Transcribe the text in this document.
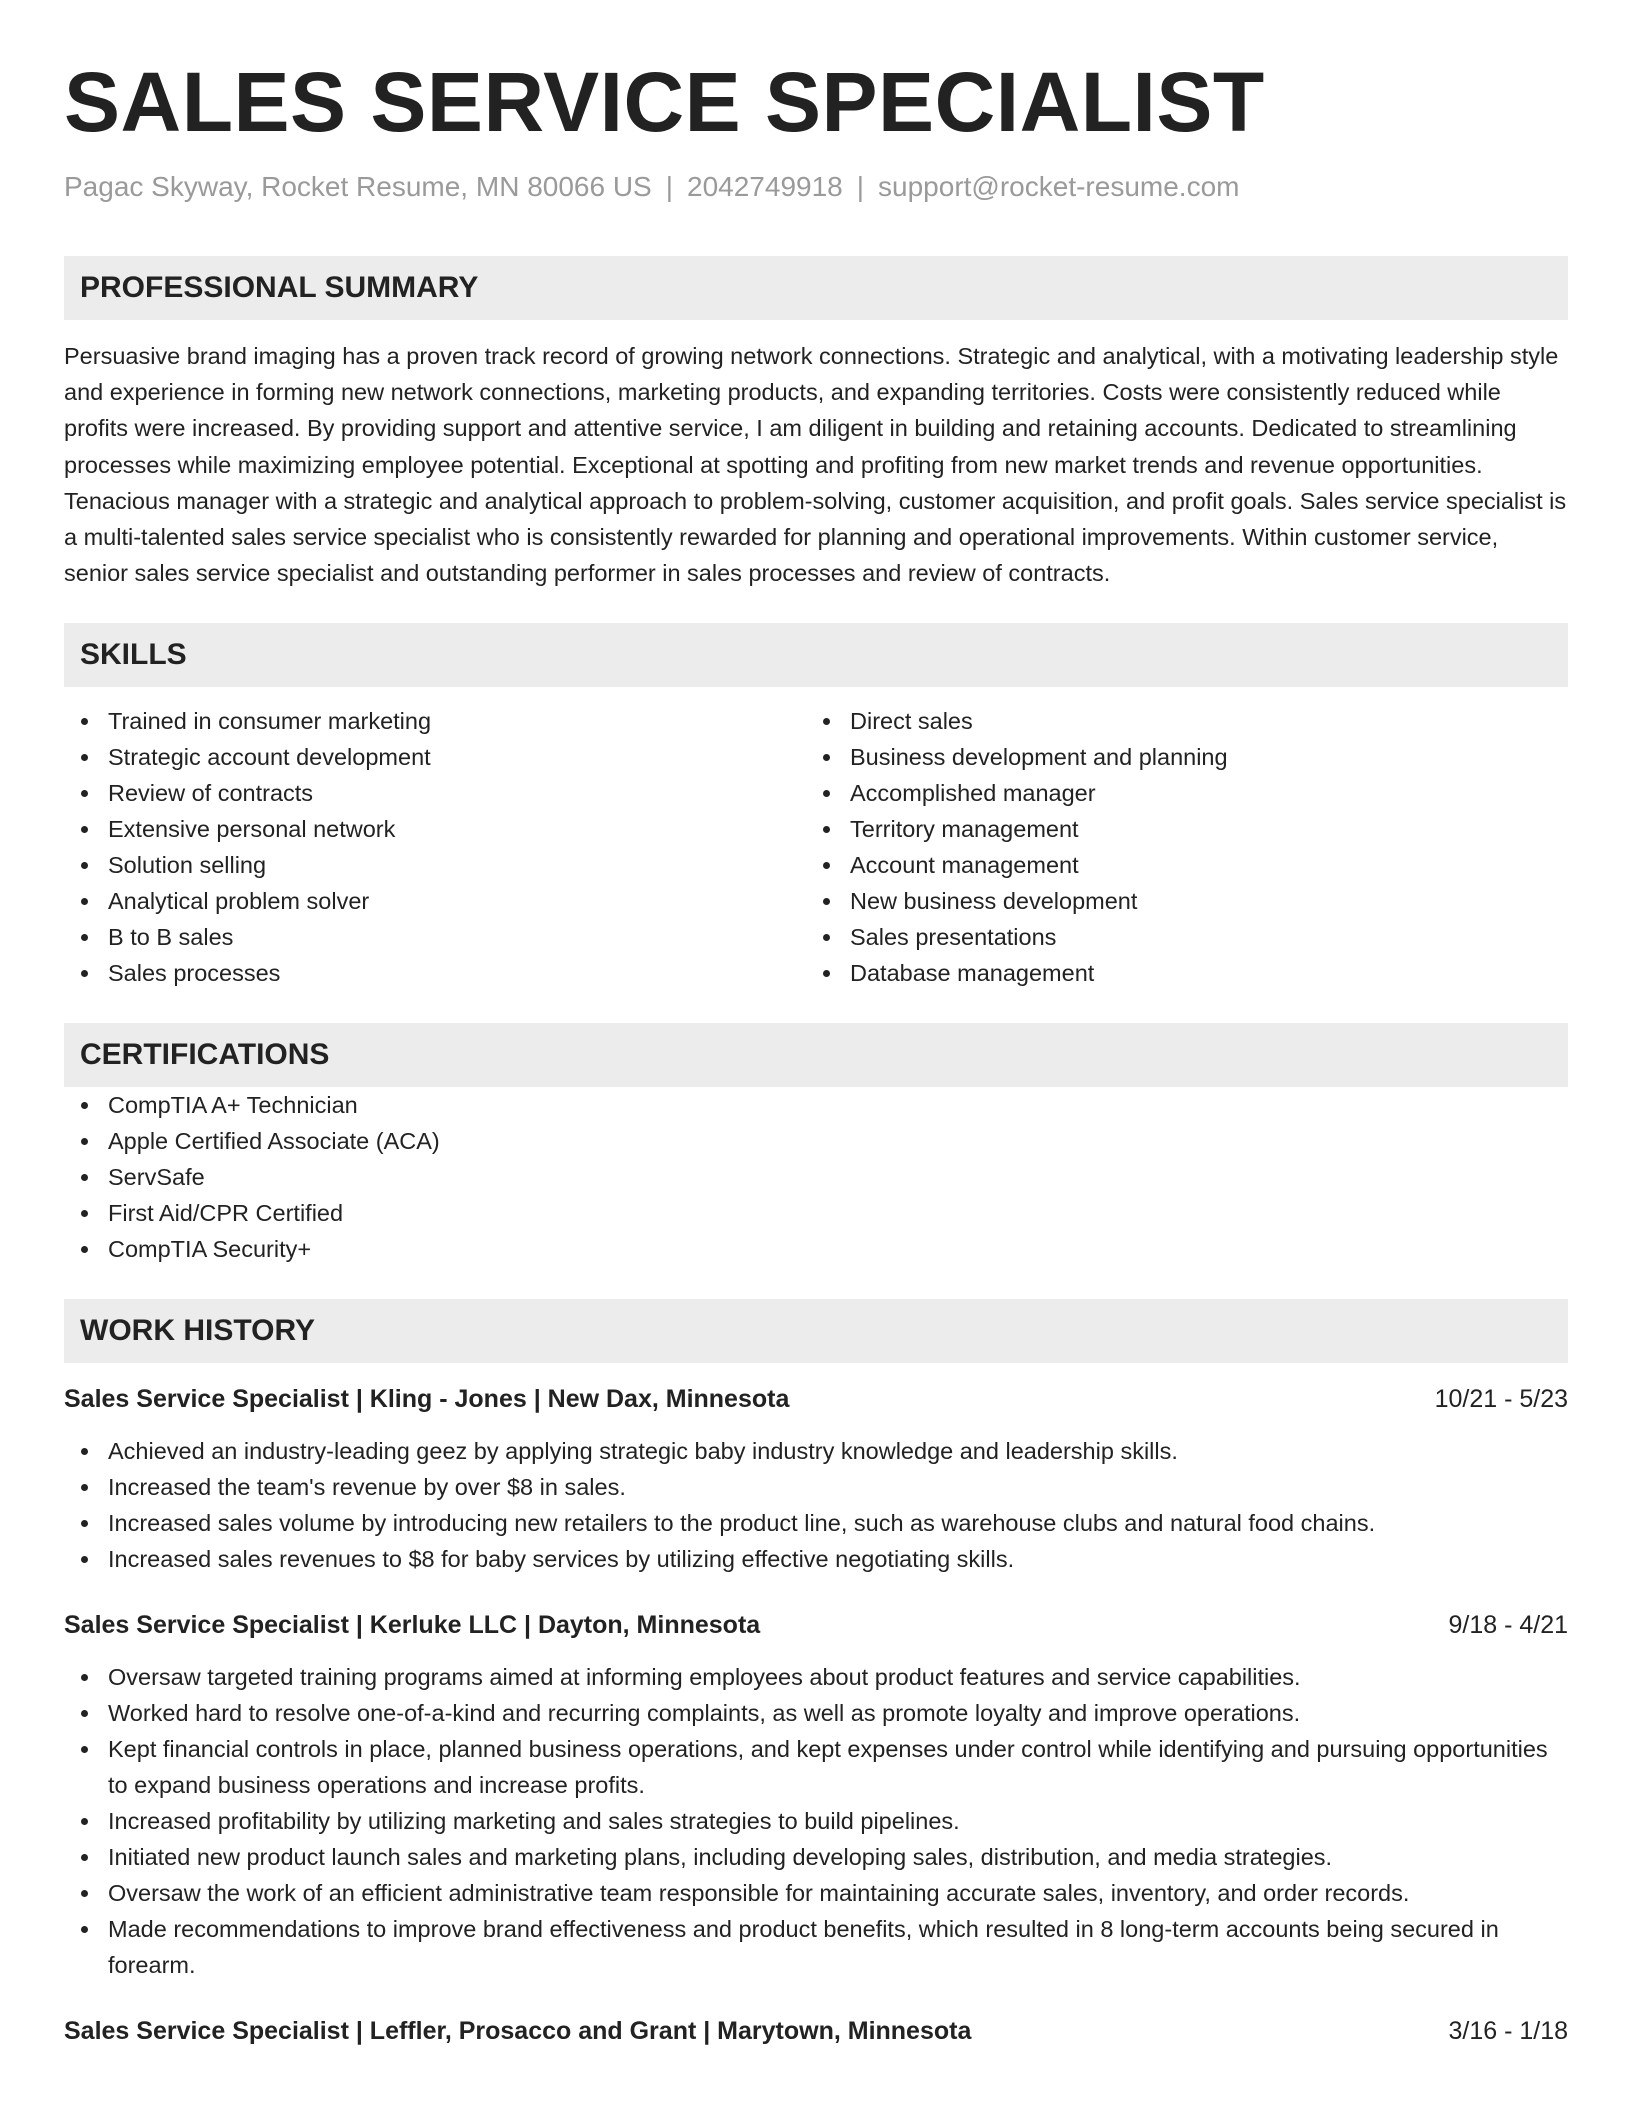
SALES SERVICE SPECIALIST
Pagac Skyway, Rocket Resume, MN 80066 US | 2042749918 | support@rocket-resume.com
PROFESSIONAL SUMMARY

Persuasive brand imaging has a proven track record of growing network connections. Strategic and analytical, with a motivating leadership style and experience in forming new network connections, marketing products, and expanding territories. Costs were consistently reduced while profits were increased. By providing support and attentive service, I am diligent in building and retaining accounts. Dedicated to streamlining processes while maximizing employee potential. Exceptional at spotting and profiting from new market trends and revenue opportunities. Tenacious manager with a strategic and analytical approach to problem-solving, customer acquisition, and profit goals. Sales service specialist is a multi-talented sales service specialist who is consistently rewarded for planning and operational improvements. Within customer service, senior sales service specialist and outstanding performer in sales processes and review of contracts.

SKILLS
Trained in consumer marketing
Strategic account development
Review of contracts
Extensive personal network
Solution selling
Analytical problem solver
B to B sales
Sales processes
Direct sales
Business development and planning
Accomplished manager
Territory management
Account management
New business development
Sales presentations
Database management
CERTIFICATIONS
CompTIA A+ Technician
Apple Certified Associate (ACA)
ServSafe
First Aid/CPR Certified
CompTIA Security+
WORK HISTORY
Sales Service Specialist | Kling - Jones | New Dax, Minnesota	10/21 - 5/23
Achieved an industry-leading geez by applying strategic baby industry knowledge and leadership skills.
Increased the team's revenue by over $8 in sales.
Increased sales volume by introducing new retailers to the product line, such as warehouse clubs and natural food chains.
Increased sales revenues to $8 for baby services by utilizing effective negotiating skills.
Sales Service Specialist | Kerluke LLC | Dayton, Minnesota	9/18 - 4/21
Oversaw targeted training programs aimed at informing employees about product features and service capabilities.
Worked hard to resolve one-of-a-kind and recurring complaints, as well as promote loyalty and improve operations.
Kept financial controls in place, planned business operations, and kept expenses under control while identifying and pursuing opportunities to expand business operations and increase profits.
Increased profitability by utilizing marketing and sales strategies to build pipelines.
Initiated new product launch sales and marketing plans, including developing sales, distribution, and media strategies.
Oversaw the work of an efficient administrative team responsible for maintaining accurate sales, inventory, and order records.
Made recommendations to improve brand effectiveness and product benefits, which resulted in 8 long-term accounts being secured in forearm.
Sales Service Specialist | Leffler, Prosacco and Grant | Marytown, Minnesota	3/16 - 1/18
